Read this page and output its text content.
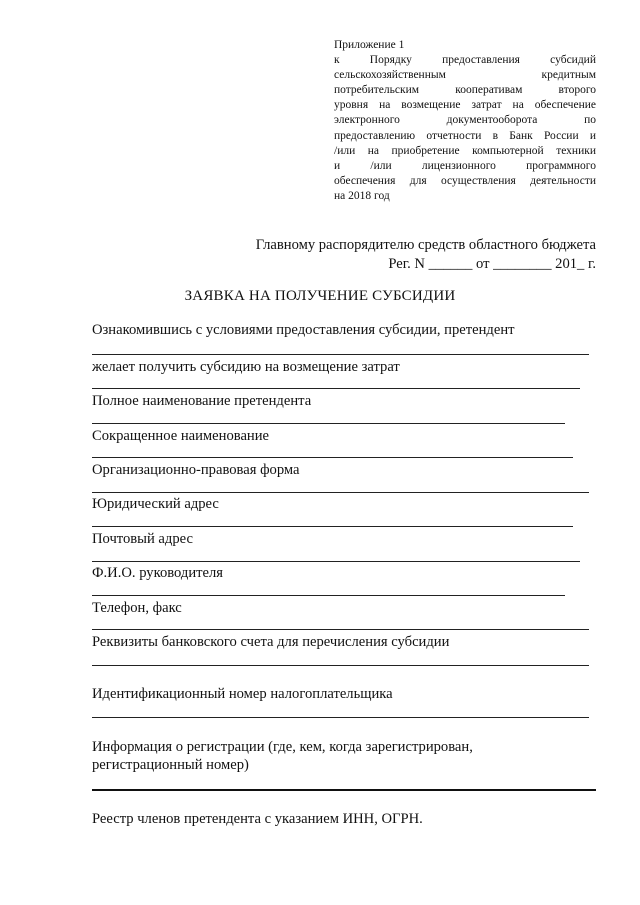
Приложение 1
к Порядку предоставления субсидий
сельскохозяйственным кредитным
потребительским кооперативам второго
уровня на возмещение затрат на обеспечение
электронного документооборота по
предоставлению отчетности в Банк России и
/или на приобретение компьютерной техники
и /или лицензионного программного
обеспечения для осуществления деятельности
на 2018 год
Главному распорядителю средств областного бюджета
Рег. N ______ от ________ 201_ г.
ЗАЯВКА НА ПОЛУЧЕНИЕ СУБСИДИИ
Ознакомившись с условиями предоставления субсидии, претендент
желает получить субсидию на возмещение затрат
Полное наименование претендента
Сокращенное наименование
Организационно-правовая форма
Юридический адрес
Почтовый адрес
Ф.И.О. руководителя
Телефон, факс
Реквизиты банковского счета для перечисления субсидии
Идентификационный номер налогоплательщика
Информация о регистрации (где, кем, когда зарегистрирован,
регистрационный номер)
Реестр членов претендента с указанием ИНН, ОГРН.
